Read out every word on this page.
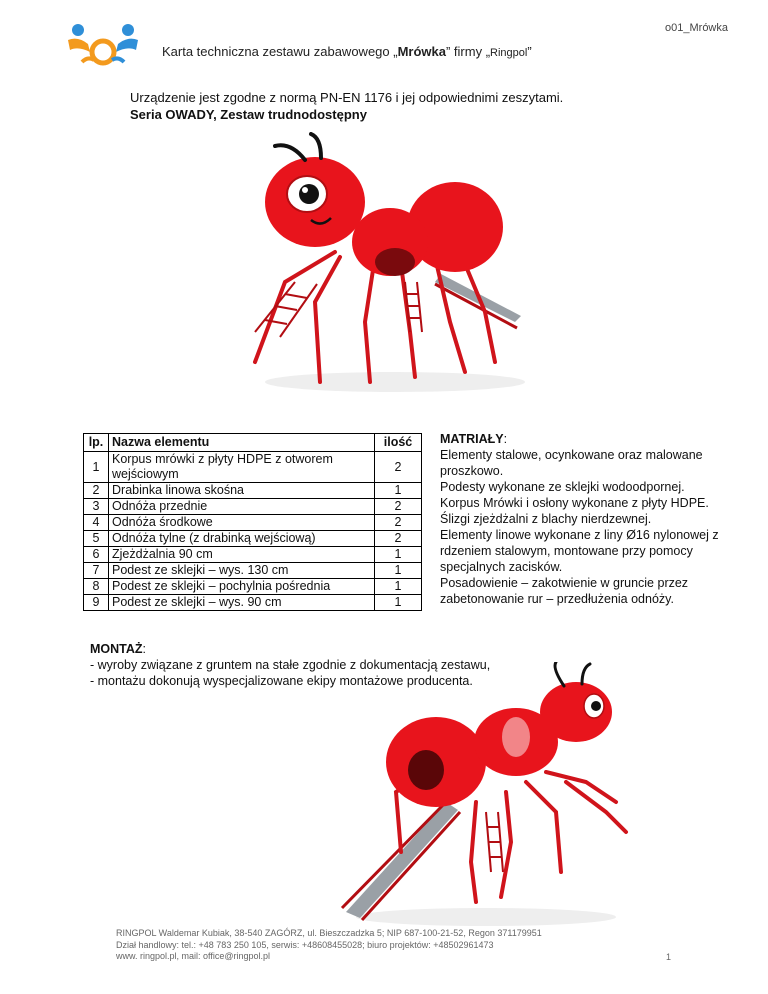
o01_Mrówka
Karta techniczna zestawu zabawowego „Mrówka” firmy „Ringpol”
Urządzenie jest zgodne z normą PN-EN 1176 i jej odpowiednimi zeszytami.
Seria OWADY, Zestaw trudnodostępny
lp.	Nazwa elementu	ilość
1	Korpus mrówki z płyty HDPE z otworem wejściowym	2
2	Drabinka linowa skośna	1
3	Odnóża przednie	2
4	Odnóża środkowe	2
5	Odnóża tylne (z drabinką wejściową)	2
6	Zjeżdżalnia 90 cm	1
7	Podest ze sklejki – wys. 130 cm	1
8	Podest ze sklejki – pochylnia pośrednia	1
9	Podest ze sklejki – wys. 90 cm	1
MATRIAŁY:
Elementy stalowe, ocynkowane oraz malowane proszkowo.
Podesty wykonane ze sklejki wodoodpornej.
Korpus Mrówki i osłony wykonane z płyty HDPE.
Ślizgi zjeżdżalni z blachy nierdzewnej.
Elementy linowe wykonane z liny Ø16 nylonowej z rdzeniem stalowym, montowane przy pomocy specjalnych zacisków.
Posadowienie – zakotwienie w gruncie przez zabetonowanie rur – przedłużenia odnóży.
MONTAŻ:
- wyroby związane z gruntem na stałe zgodnie z dokumentacją zestawu,
- montażu dokonują wyspecjalizowane ekipy montażowe producenta.
RINGPOL Waldemar Kubiak, 38-540 ZAGÓRZ, ul. Bieszczadzka 5; NIP 687-100-21-52, Regon 371179951
Dział handlowy: tel.: +48 783 250 105, serwis: +48608455028; biuro projektów: +48502961473
www. ringpol.pl, mail: office@ringpol.pl	1
